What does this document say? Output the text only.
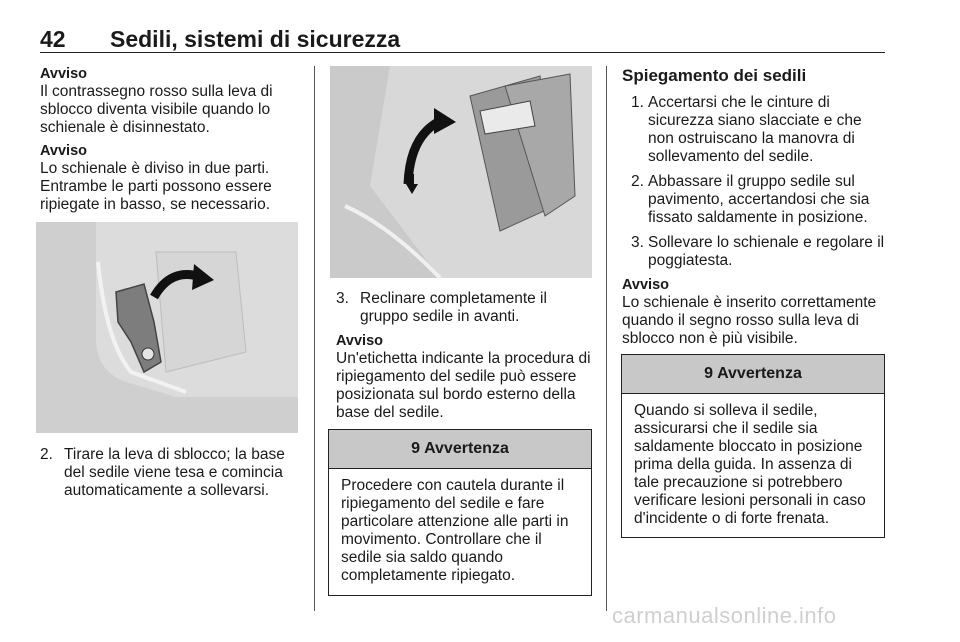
42 Sedili, sistemi di sicurezza
Avviso

Il contrassegno rosso sulla leva di sblocco diventa visibile quando lo schienale è disinnestato.

Avviso

Lo schienale è diviso in due parti. Entrambe le parti possono essere ripiegate in basso, se necessario.

2. Tirare la leva di sblocco; la base del sedile viene tesa e comincia automaticamente a sollevarsi.
3. Reclinare completamente il gruppo sedile in avanti.
Avviso

Un'etichetta indicante la procedura di ripiegamento del sedile può essere posizionata sul bordo esterno della base del sedile.

9 Avvertenza
Procedere con cautela durante il ripiegamento del sedile e fare particolare attenzione alle parti in movimento. Controllare che il sedile sia saldo quando completamente ripiegato.
Spiegamento dei sedili
1. Accertarsi che le cinture di sicurezza siano slacciate e che non ostruiscano la manovra di sollevamento del sedile.
2. Abbassare il gruppo sedile sul pavimento, accertandosi che sia fissato saldamente in posizione.
3. Sollevare lo schienale e regolare il poggiatesta.
Avviso

Lo schienale è inserito correttamente quando il segno rosso sulla leva di sblocco non è più visibile.

9 Avvertenza
Quando si solleva il sedile, assicurarsi che il sedile sia saldamente bloccato in posizione prima della guida. In assenza di tale precauzione si potrebbero verificare lesioni personali in caso d'incidente o di forte frenata.
carmanualsonline.info
